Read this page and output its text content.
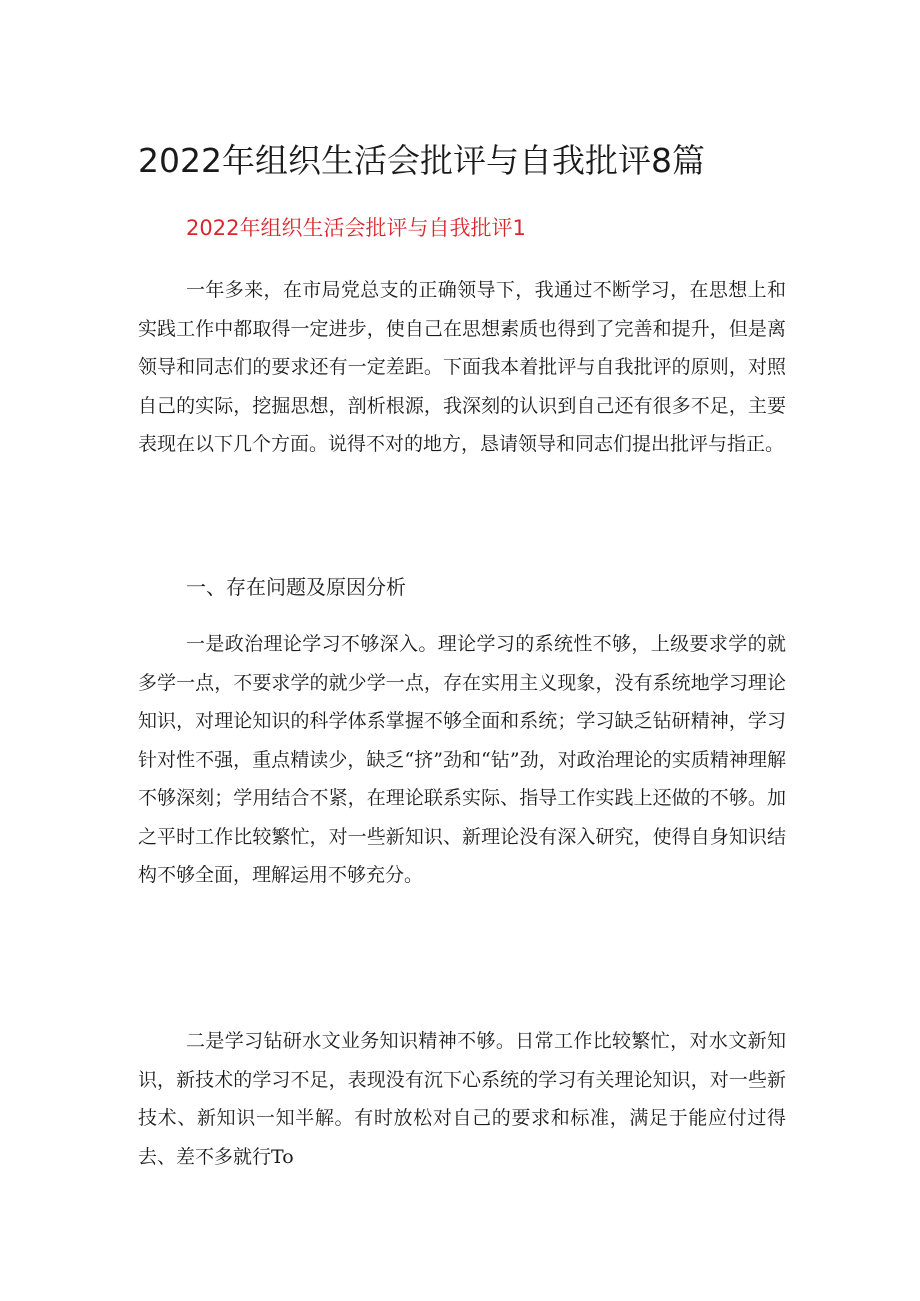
2022年组织生活会批评与自我批评8篇
2022年组织生活会批评与自我批评1

一年多来，在市局党总支的正确领导下，我通过不断学习，在思想上和实践工作中都取得一定进步，使自己在思想素质也得到了完善和提升，但是离领导和同志们的要求还有一定差距。下面我本着批评与自我批评的原则，对照自己的实际，挖掘思想，剖析根源，我深刻的认识到自己还有很多不足，主要表现在以下几个方面。说得不对的地方，恳请领导和同志们提出批评与指正。

一、存在问题及原因分析

一是政治理论学习不够深入。理论学习的系统性不够，上级要求学的就多学一点，不要求学的就少学一点，存在实用主义现象，没有系统地学习理论知识，对理论知识的科学体系掌握不够全面和系统；学习缺乏钻研精神，学习针对性不强，重点精读少，缺乏“挤”劲和“钻”劲，对政治理论的实质精神理解不够深刻；学用结合不紧，在理论联系实际、指导工作实践上还做的不够。加之平时工作比较繁忙，对一些新知识、新理论没有深入研究，使得自身知识结构不够全面，理解运用不够充分。

二是学习钻研水文业务知识精神不够。日常工作比较繁忙，对水文新知识，新技术的学习不足，表现没有沉下心系统的学习有关理论知识，对一些新技术、新知识一知半解。有时放松对自己的要求和标准，满足于能应付过得去、差不多就行To
